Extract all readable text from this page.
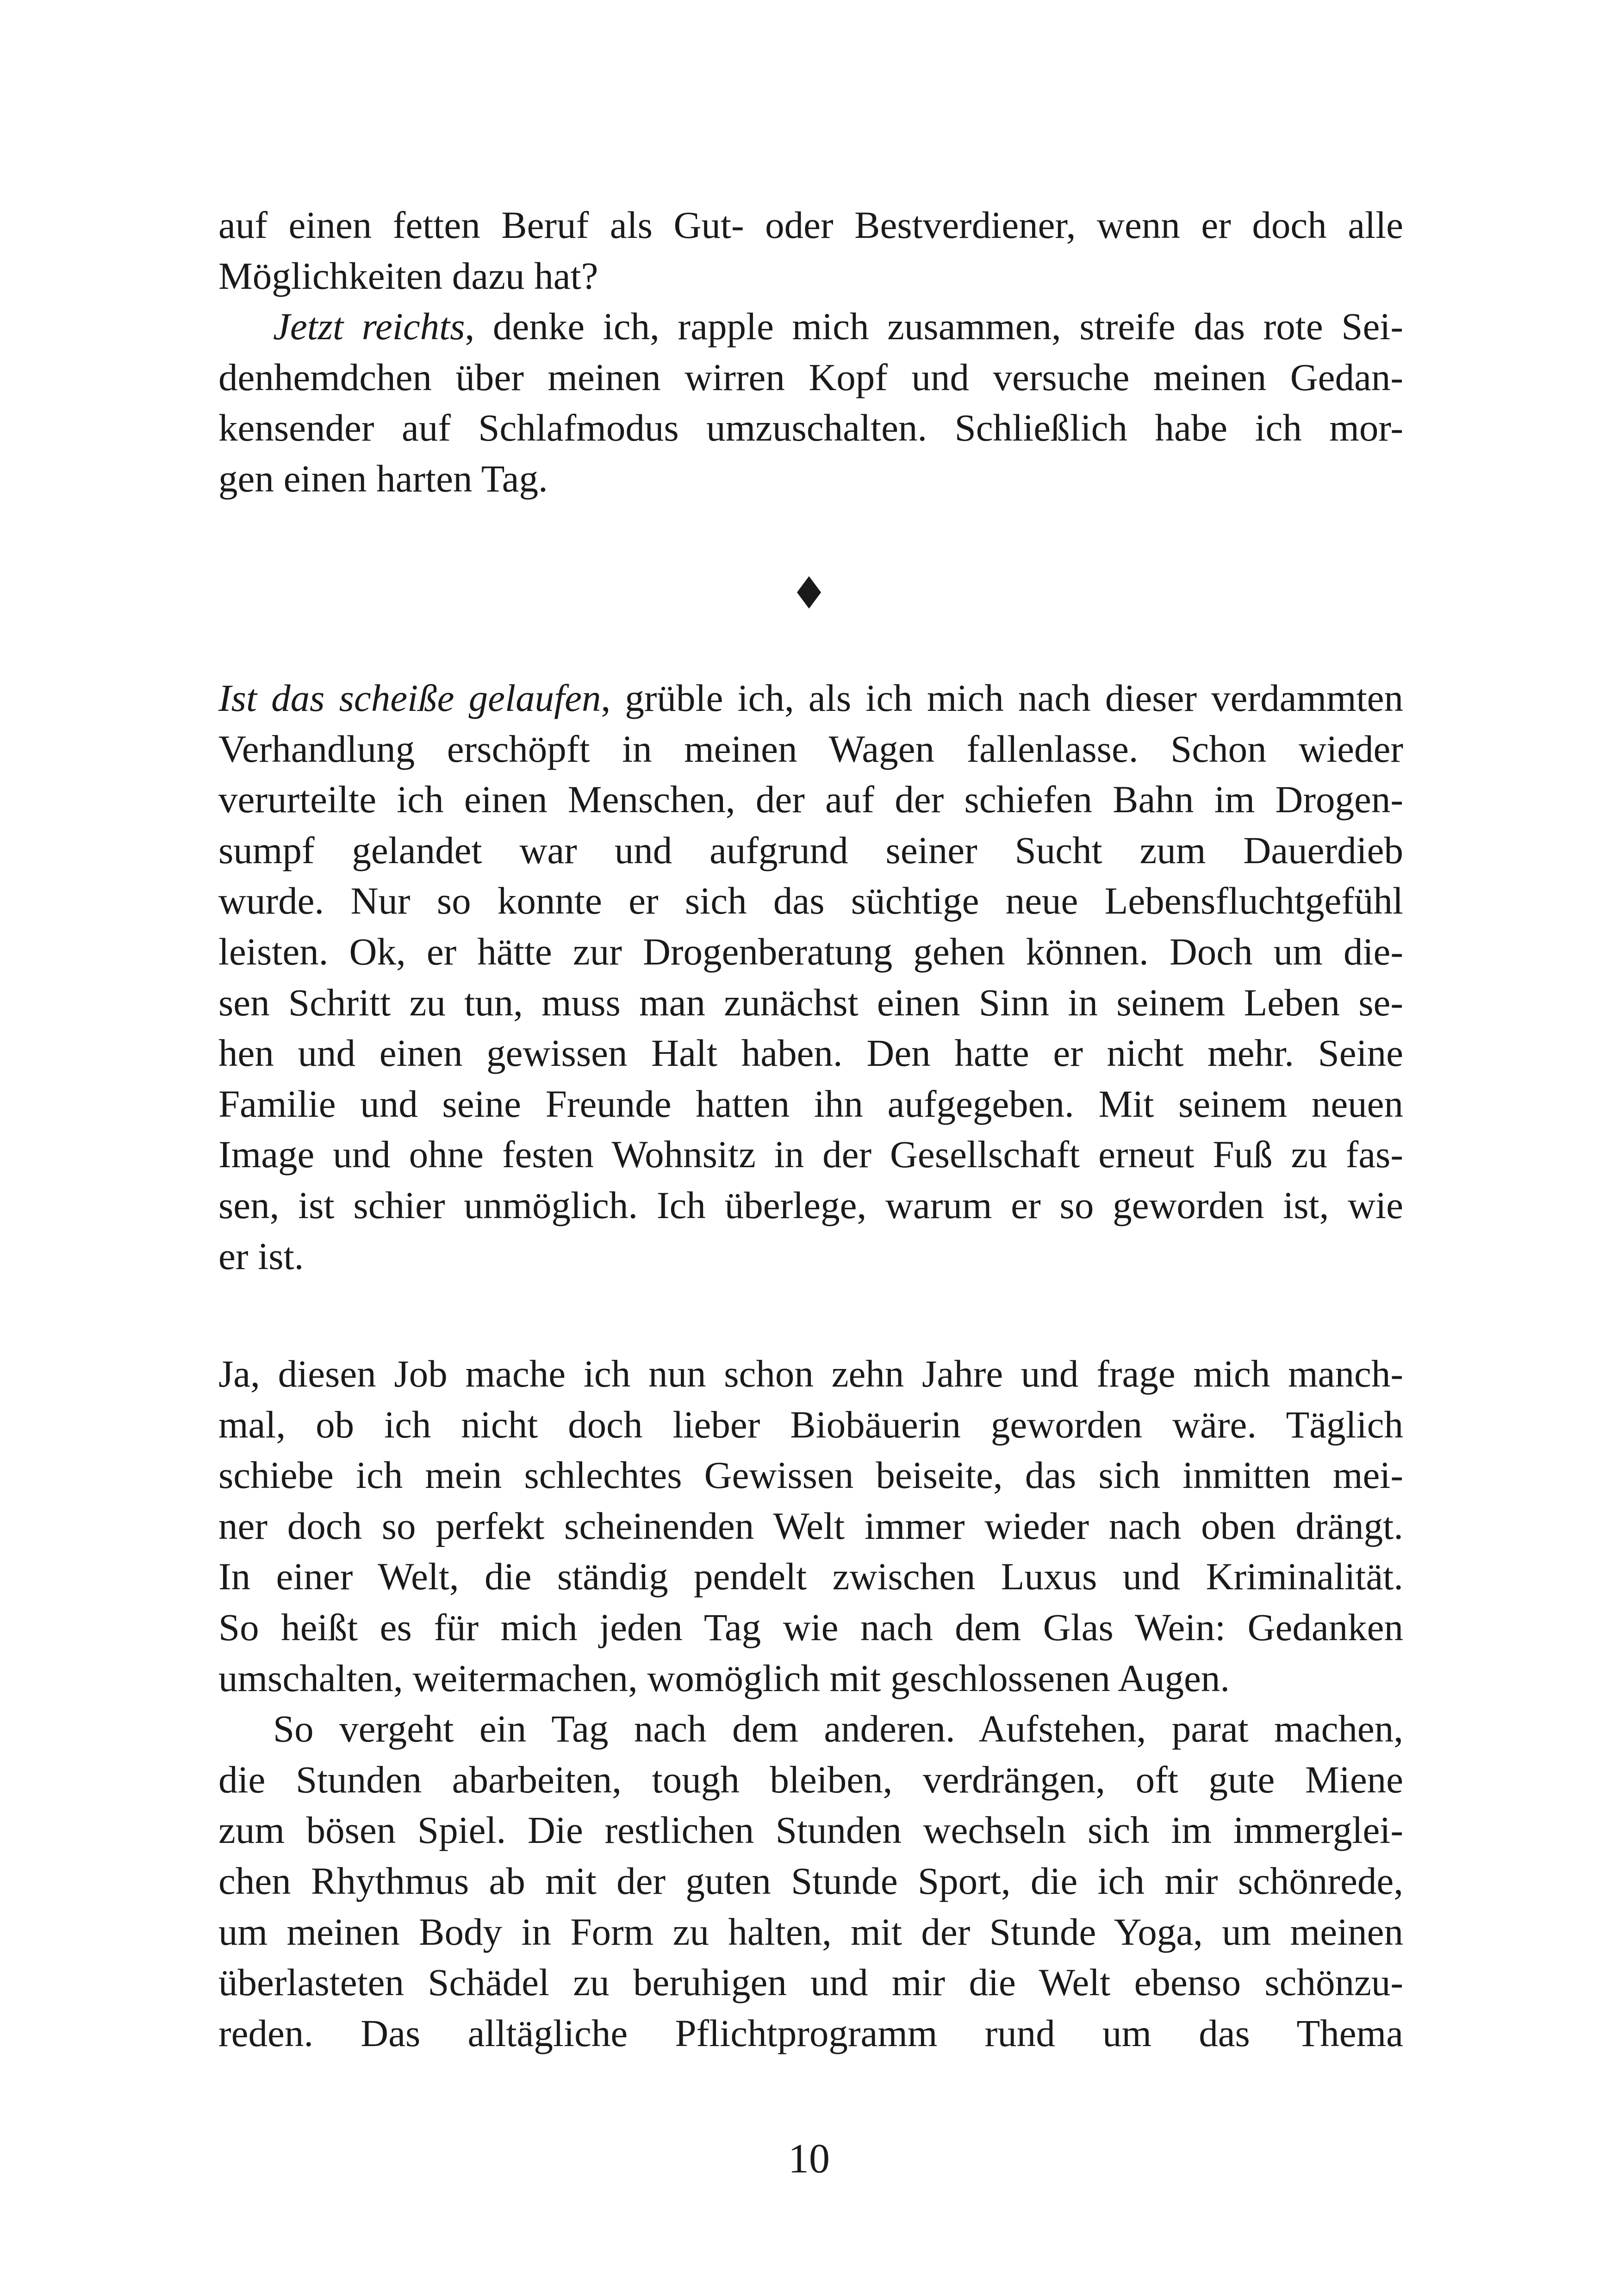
auf einen fetten Beruf als Gut- oder Bestverdiener, wenn er doch alle
Möglichkeiten dazu hat?
Jetzt reichts, denke ich, rapple mich zusammen, streife das rote Sei-
denhemdchen über meinen wirren Kopf und versuche meinen Gedan-
kensender auf Schlafmodus umzuschalten. Schließlich habe ich mor-
gen einen harten Tag.
Ist das scheiße gelaufen, grüble ich, als ich mich nach dieser verdammten
Verhandlung erschöpft in meinen Wagen fallenlasse. Schon wieder
verurteilte ich einen Menschen, der auf der schiefen Bahn im Drogen-
sumpf gelandet war und aufgrund seiner Sucht zum Dauerdieb
wurde. Nur so konnte er sich das süchtige neue Lebensfluchtgefühl
leisten. Ok, er hätte zur Drogenberatung gehen können. Doch um die-
sen Schritt zu tun, muss man zunächst einen Sinn in seinem Leben se-
hen und einen gewissen Halt haben. Den hatte er nicht mehr. Seine
Familie und seine Freunde hatten ihn aufgegeben. Mit seinem neuen
Image und ohne festen Wohnsitz in der Gesellschaft erneut Fuß zu fas-
sen, ist schier unmöglich. Ich überlege, warum er so geworden ist, wie
er ist.
Ja, diesen Job mache ich nun schon zehn Jahre und frage mich manch-
mal, ob ich nicht doch lieber Biobäuerin geworden wäre. Täglich
schiebe ich mein schlechtes Gewissen beiseite, das sich inmitten mei-
ner doch so perfekt scheinenden Welt immer wieder nach oben drängt.
In einer Welt, die ständig pendelt zwischen Luxus und Kriminalität.
So heißt es für mich jeden Tag wie nach dem Glas Wein: Gedanken
umschalten, weitermachen, womöglich mit geschlossenen Augen.
So vergeht ein Tag nach dem anderen. Aufstehen, parat machen,
die Stunden abarbeiten, tough bleiben, verdrängen, oft gute Miene
zum bösen Spiel. Die restlichen Stunden wechseln sich im immerglei-
chen Rhythmus ab mit der guten Stunde Sport, die ich mir schönrede,
um meinen Body in Form zu halten, mit der Stunde Yoga, um meinen
überlasteten Schädel zu beruhigen und mir die Welt ebenso schönzu-
reden. Das alltägliche Pflichtprogramm rund um das Thema
10
